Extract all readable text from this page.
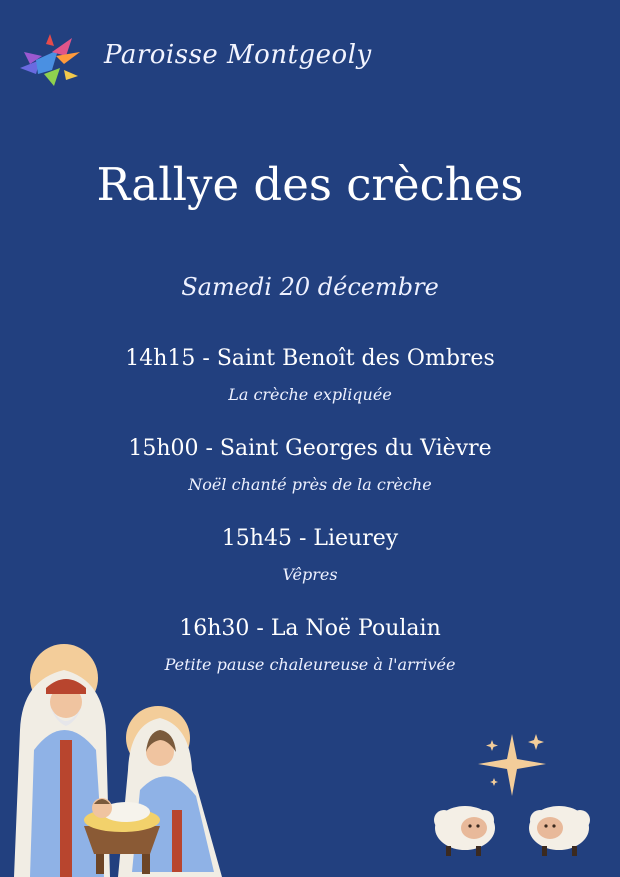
Paroisse Montgeoly
Rallye des crèches
Samedi 20 décembre
14h15 - Saint Benoît des Ombres
La crèche expliquée
15h00 - Saint Georges du Vièvre
Noël chanté près de la crèche
15h45 - Lieurey
Vêpres
16h30 - La Noë Poulain
Petite pause chaleureuse à l'arrivée
